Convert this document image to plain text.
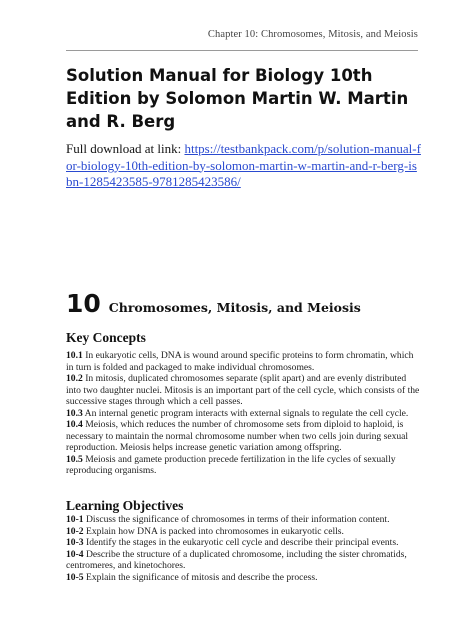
Chapter 10: Chromosomes, Mitosis, and Meiosis
Solution Manual for Biology 10th Edition by Solomon Martin W. Martin and R. Berg
Full download at link: https://testbankpack.com/p/solution-manual-for-biology-10th-edition-by-solomon-martin-w-martin-and-r-berg-isbn-1285423585-9781285423586/
10 Chromosomes, Mitosis, and Meiosis
Key Concepts
10.1 In eukaryotic cells, DNA is wound around specific proteins to form chromatin, which in turn is folded and packaged to make individual chromosomes.
10.2 In mitosis, duplicated chromosomes separate (split apart) and are evenly distributed into two daughter nuclei. Mitosis is an important part of the cell cycle, which consists of the successive stages through which a cell passes.
10.3 An internal genetic program interacts with external signals to regulate the cell cycle.
10.4 Meiosis, which reduces the number of chromosome sets from diploid to haploid, is necessary to maintain the normal chromosome number when two cells join during sexual reproduction. Meiosis helps increase genetic variation among offspring.
10.5 Meiosis and gamete production precede fertilization in the life cycles of sexually reproducing organisms.
Learning Objectives
10-1 Discuss the significance of chromosomes in terms of their information content.
10-2 Explain how DNA is packed into chromosomes in eukaryotic cells.
10-3 Identify the stages in the eukaryotic cell cycle and describe their principal events.
10-4 Describe the structure of a duplicated chromosome, including the sister chromatids, centromeres, and kinetochores.
10-5 Explain the significance of mitosis and describe the process.
